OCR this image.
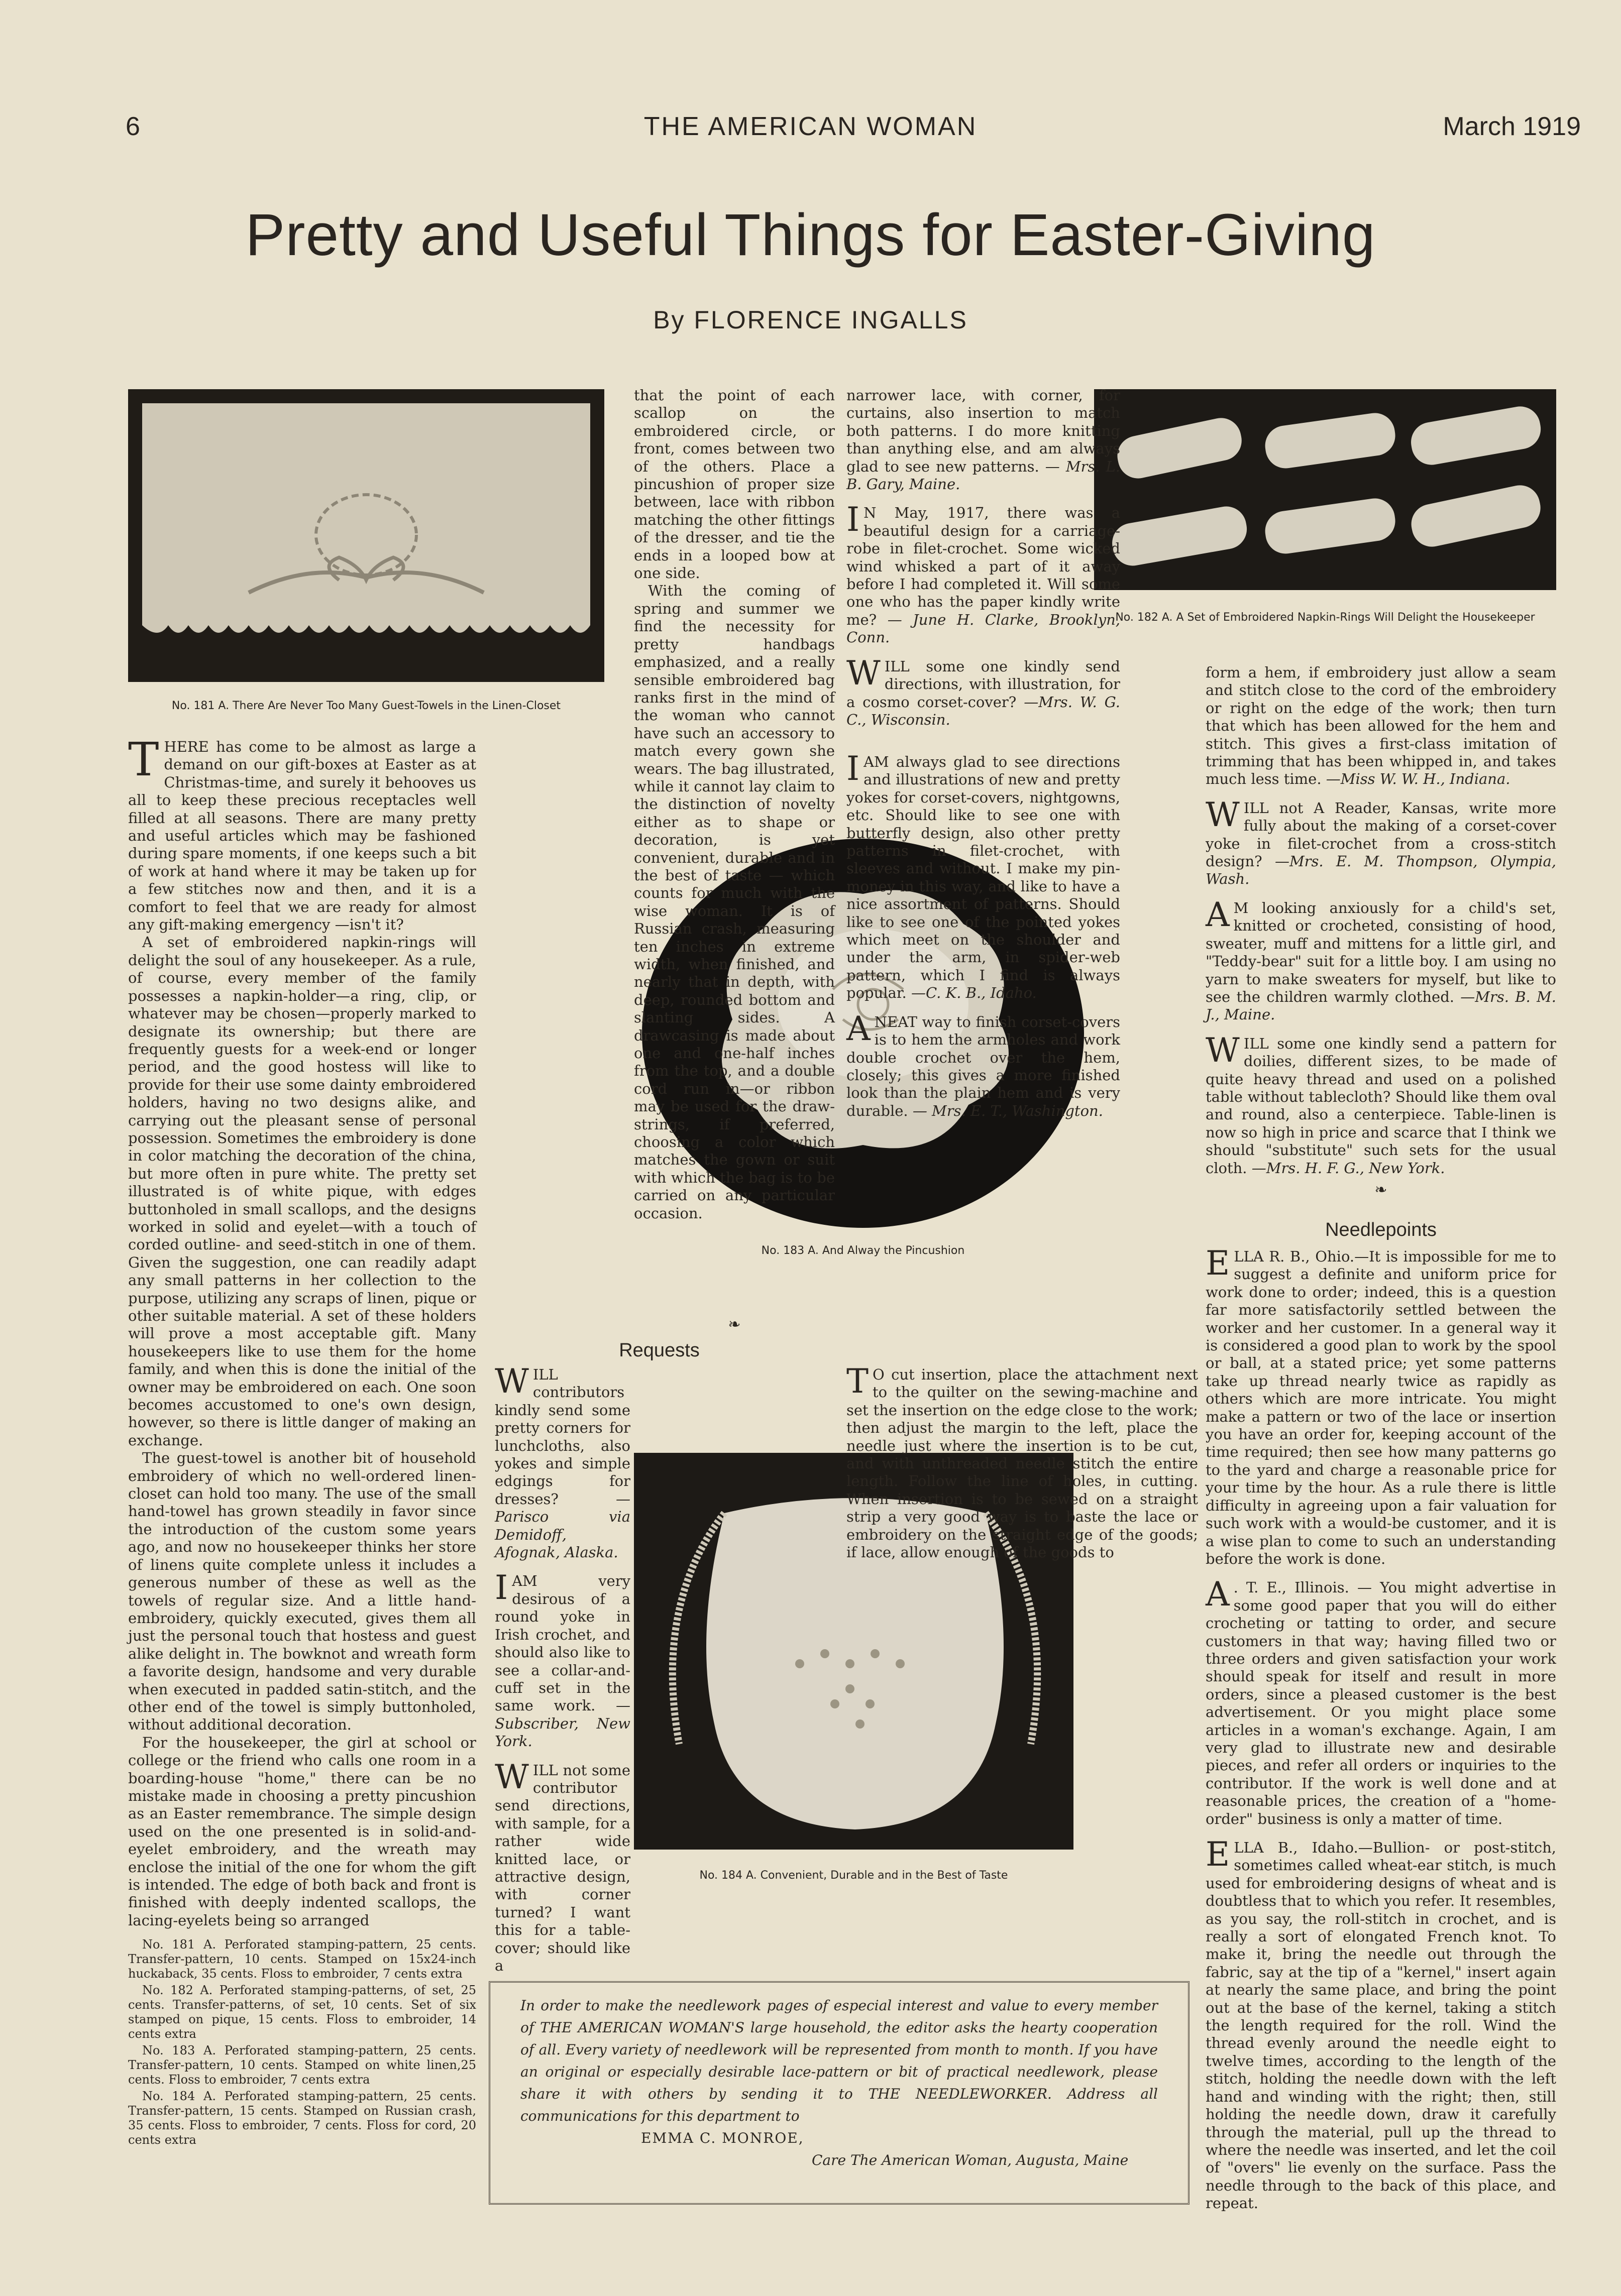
6	THE AMERICAN WOMAN	March 1919
Pretty and Useful Things for Easter-Giving
By FLORENCE INGALLS
No. 181 A. There Are Never Too Many Guest-Towels in the Linen-Closet
No. 182 A. A Set of Embroidered Napkin-Rings Will Delight the Housekeeper
No. 183 A. And Alway the Pincushion
No. 184 A. Convenient, Durable and in the Best of Taste

THERE has come to be almost as large a demand on our gift-boxes at Easter as at Christmas-time, and surely it behooves us all to keep these precious receptacles well filled at all seasons. There are many pretty and useful articles which may be fashioned during spare moments, if one keeps such a bit of work at hand where it may be taken up for a few stitches now and then, and it is a comfort to feel that we are ready for almost any gift-making emergency —isn't it?

A set of embroidered napkin-rings will delight the soul of any housekeeper. As a rule, of course, every member of the family possesses a napkin-holder—a ring, clip, or whatever may be chosen—properly marked to designate its ownership; but there are frequently guests for a week-end or longer period, and the good hostess will like to provide for their use some dainty embroidered holders, having no two designs alike, and carrying out the pleasant sense of personal possession. Sometimes the embroidery is done in color matching the decoration of the china, but more often in pure white. The pretty set illustrated is of white pique, with edges buttonholed in small scallops, and the designs worked in solid and eyelet—with a touch of corded outline- and seed-stitch in one of them. Given the suggestion, one can readily adapt any small patterns in her collection to the purpose, utilizing any scraps of linen, pique or other suitable material. A set of these holders will prove a most acceptable gift. Many housekeepers like to use them for the home family, and when this is done the initial of the owner may be embroidered on each. One soon becomes accustomed to one's own design, however, so there is little danger of making an exchange.

The guest-towel is another bit of household embroidery of which no well-ordered linen-closet can hold too many. The use of the small hand-towel has grown steadily in favor since the introduction of the custom some years ago, and now no housekeeper thinks her store of linens quite complete unless it includes a generous number of these as well as the towels of regular size. And a little hand-embroidery, quickly executed, gives them all just the personal touch that hostess and guest alike delight in. The bowknot and wreath form a favorite design, handsome and very durable when executed in padded satin-stitch, and the other end of the towel is simply buttonholed, without additional decoration.

For the housekeeper, the girl at school or college or the friend who calls one room in a boarding-house "home," there can be no mistake made in choosing a pretty pincushion as an Easter remembrance. The simple design used on the one presented is in solid-and-eyelet embroidery, and the wreath may enclose the initial of the one for whom the gift is intended. The edge of both back and front is finished with deeply indented scallops, the lacing-eyelets being so arranged

No. 181 A. Perforated stamping-pattern, 25 cents. Transfer-pattern, 10 cents. Stamped on 15x24-inch huckaback, 35 cents. Floss to embroider, 7 cents extra

No. 182 A. Perforated stamping-patterns, of set, 25 cents. Transfer-patterns, of set, 10 cents. Set of six stamped on pique, 15 cents. Floss to embroider, 14 cents extra

No. 183 A. Perforated stamping-pattern, 25 cents. Transfer-pattern, 10 cents. Stamped on white linen,25 cents. Floss to embroider, 7 cents extra

No. 184 A. Perforated stamping-pattern, 25 cents. Transfer-pattern, 15 cents. Stamped on Russian crash, 35 cents. Floss to embroider, 7 cents. Floss for cord, 20 cents extra

that the point of each scallop on the embroidered circle, or front, comes between two of the others. Place a pincushion of proper size between, lace with ribbon matching the other fittings of the dresser, and tie the ends in a looped bow at one side.

With the coming of spring and summer we find the necessity for pretty handbags emphasized, and a really sensible embroidered bag ranks first in the mind of the woman who cannot have such an accessory to match every gown she wears. The bag illustrated, while it cannot lay claim to the distinction of novelty either as to shape or decoration, is yet convenient, durable and in the best of taste — which counts for much with the wise woman. It is of Russian crash, measuring ten inches in extreme width, when finished, and nearly that in depth, with deep, rounded bottom and slanting sides. A drawcasing is made about one and one-half inches from the top, and a double cord run in—or ribbon may be used for the draw-strings, if preferred, choosing a color which matches the gown or suit with which the bag is to be carried on any particular occasion.

❧
Requests

WILL contributors kindly send some pretty corners for lunchcloths, also yokes and simple edgings for dresses?	— Parisco via Demidoff, Afognak, Alaska.

IAM very desirous of a round yoke in Irish crochet, and should also like to see a collar-and-cuff set in the same work. —Subscriber, New York.

WILL not some contributor send directions, with sample, for a rather wide knitted lace, or attractive design, with corner turned? I want this for a table-cover; should like a

narrower lace, with corner, for curtains, also insertion to match both patterns. I do more knitting than anything else, and am always glad to see new patterns. — Mrs. L. B. Gary, Maine.

I N May, 1917, there was a beautiful design for a carriage-robe in filet-crochet. Some wicked wind whisked a part of it away before I had completed it. Will some one who has the paper kindly write me? — June H. Clarke, Brooklyn, Conn.

WILL some one kindly send directions, with illustration, for a cosmo corset-cover? —Mrs. W. G. C., Wisconsin.

IAM always glad to see directions and illustrations of new and pretty yokes for corset-covers, nightgowns, etc. Should like to see one with butterfly design, also other pretty patterns in filet-crochet, with sleeves and without. I make my pin-money in this way, and like to have a nice assortment of patterns. Should like to see one of the pointed yokes which meet on the shoulder and under the arm, in spider-web pattern, which I find is always popular. —C. K. B., Idaho.

ANEAT way to finish corset-covers is to hem the armholes and work double crochet over the hem, closely; this gives a more finished look than the plain hem and is very durable. — Mrs. E. T., Washington.

T O cut insertion, place the attachment next to the quilter on the sewing-machine and set the insertion on the edge close to the work; then adjust the margin to the left, place the needle just where the insertion is to be cut, and with unthreaded needle stitch the entire length. Follow the line of holes, in cutting. When insertion is to be sewed on a straight strip a very good way is to baste the lace or embroidery on the straight edge of the goods; if lace, allow enough of the goods to

form a hem, if embroidery just allow a seam and stitch close to the cord of the embroidery or right on the edge of the work; then turn that which has been allowed for the hem and stitch. This gives a first-class imitation of trimming that has been whipped in, and takes much less time. —Miss W. W. H., Indiana.

WILL not A Reader, Kansas, write more fully about the making of a corset-cover yoke in filet-crochet from a cross-stitch design? —Mrs. E. M. Thompson, Olympia, Wash.

A M looking anxiously for a child's set, knitted or crocheted, consisting of hood, sweater, muff and mittens for a little girl, and "Teddy-bear" suit for a little boy. I am using no yarn to make sweaters for myself, but like to see the children warmly clothed. —Mrs. B. M. J., Maine.

WILL some one kindly send a pattern for doilies, different sizes, to be made of quite heavy thread and used on a polished table without tablecloth? Should like them oval and round, also a centerpiece. Table-linen is now so high in price and scarce that I think we should "substitute" such sets for the usual cloth. —Mrs. H. F. G., New York.

❧
Needlepoints

ELLA R. B., Ohio.—It is impossible for me to suggest a definite and uniform price for work done to order; indeed, this is a question far more satisfactorily settled between the worker and her customer. In a general way it is considered a good plan to work by the spool or ball, at a stated price; yet some patterns take up thread nearly twice as rapidly as others which are more intricate. You might make a pattern or two of the lace or insertion you have an order for, keeping account of the time required; then see how many patterns go to the yard and charge a reasonable price for your time by the hour. As a rule there is little difficulty in agreeing upon a fair valuation for such work with a would-be customer, and it is a wise plan to come to such an understanding before the work is done.

A . T. E., Illinois. — You might advertise in some good paper that you will do either crocheting or tatting to order, and secure customers in that way; having filled two or three orders and given satisfaction your work should speak for itself and result in more orders, since a pleased customer is the best advertisement. Or you might place some articles in a woman's exchange. Again, I am very glad to illustrate new and desirable pieces, and refer all orders or inquiries to the contributor. If the work is well done and at reasonable prices, the creation of a "home-order" business is only a matter of time.

ELLA B., Idaho.—Bullion- or post-stitch, sometimes called wheat-ear stitch, is much used for embroidering designs of wheat and is doubtless that to which you refer. It resembles, as you say, the roll-stitch in crochet, and is really a sort of elongated French knot. To make it, bring the needle out through the fabric, say at the tip of a "kernel," insert again at nearly the same place, and bring the point out at the base of the kernel, taking a stitch the length required for the roll. Wind the thread evenly around the needle eight to twelve times, according to the length of the stitch, holding the needle down with the left hand and winding with the right; then, still holding the needle down, draw it carefully through the material, pull up the thread to where the needle was inserted, and let the coil of "overs" lie evenly on the surface. Pass the needle through to the back of this place, and repeat.

In order to make the needlework pages of especial interest and value to every member of THE AMERICAN WOMAN'S large household, the editor asks the hearty cooperation of all. Every variety of needlework will be represented from month to month. If you have an original or especially desirable lace-pattern or bit of practical needlework, please share it with others by sending it to THE NEEDLEWORKER. Address all communications for this department to
EMMA C. MONROE,
Care The American Woman, Augusta, Maine
